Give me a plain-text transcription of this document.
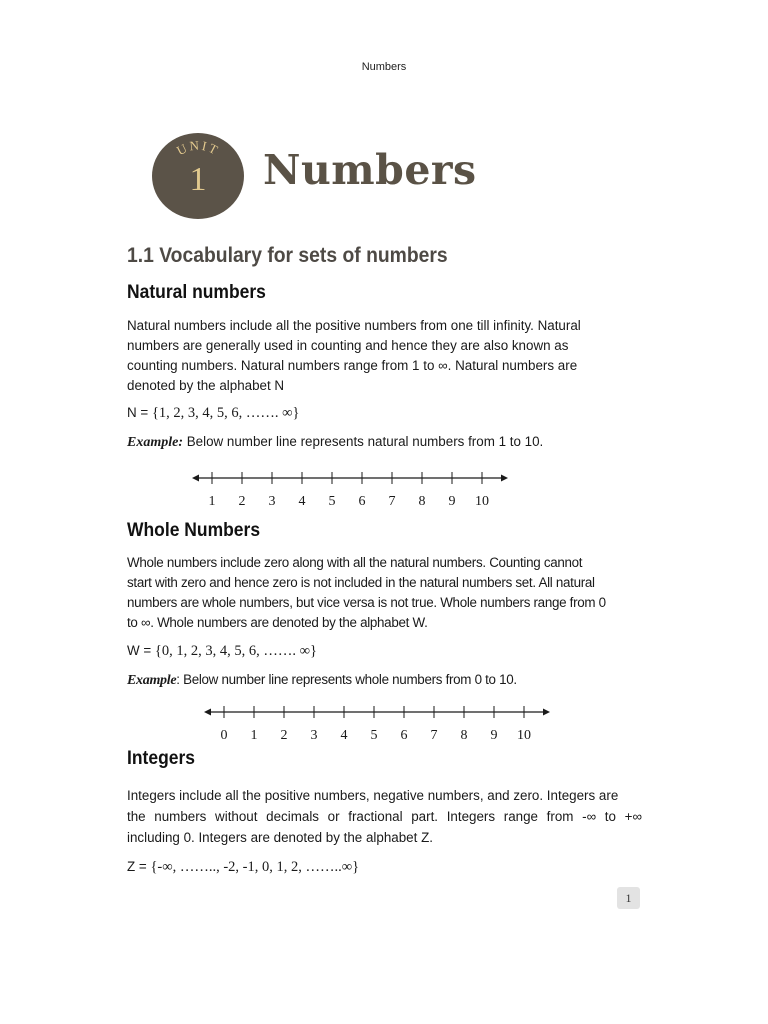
Numbers
UNIT
1	Numbers
1.1 Vocabulary for sets of numbers
Natural numbers
Natural numbers include all the positive numbers from one till infinity. Natural
numbers are generally used in counting and hence they are also known as
counting numbers. Natural numbers range from 1 to ∞. Natural numbers are
denoted by the alphabet N
N = {1, 2, 3, 4, 5, 6, ……. ∞}
Example: Below number line represents natural numbers from 1 to 10.
1 2 3 4 5 6 7 8 9 10
Whole Numbers
Whole numbers include zero along with all the natural numbers. Counting cannot
start with zero and hence zero is not included in the natural numbers set. All natural
numbers are whole numbers, but vice versa is not true. Whole numbers range from 0
to ∞. Whole numbers are denoted by the alphabet W.
W = {0, 1, 2, 3, 4, 5, 6, ……. ∞}
Example: Below number line represents whole numbers from 0 to 10.
0 1 2 3 4 5 6 7 8 9 10
Integers
Integers include all the positive numbers, negative numbers, and zero. Integers are
the numbers without decimals or fractional part. Integers range from -∞ to +∞
including 0. Integers are denoted by the alphabet Z.
Z = {-∞, …….., -2, -1, 0, 1, 2, ……..∞}
1
